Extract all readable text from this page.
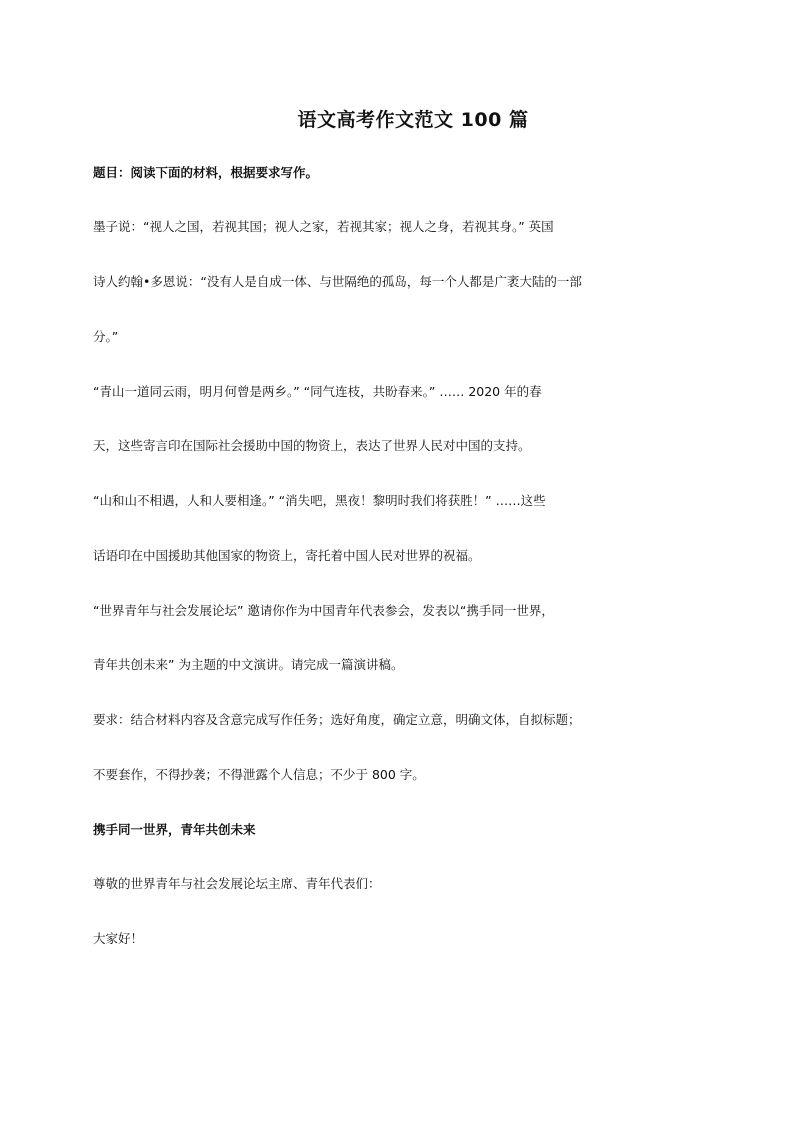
语文高考作文范文 100 篇
题目：阅读下面的材料，根据要求写作。
墨子说：“视人之国，若视其国；视人之家，若视其家；视人之身，若视其身。” 英国
诗人约翰•多恩说：“没有人是自成一体、与世隔绝的孤岛，每一个人都是广袤大陆的一部
分。”
“青山一道同云雨，明月何曾是两乡。” “同气连枝，共盼春来。” …… 2020 年的春
天，这些寄言印在国际社会援助中国的物资上，表达了世界人民对中国的支持。
“山和山不相遇，人和人要相逢。” “消失吧，黑夜！黎明时我们将获胜！” ……这些
话语印在中国援助其他国家的物资上，寄托着中国人民对世界的祝福。
“世界青年与社会发展论坛” 邀请你作为中国青年代表参会，发表以“携手同一世界，
青年共创未来” 为主题的中文演讲。请完成一篇演讲稿。
要求：结合材料内容及含意完成写作任务；选好角度，确定立意，明确文体，自拟标题；
不要套作，不得抄袭；不得泄露个人信息；不少于 800 字。
携手同一世界，青年共创未来
尊敬的世界青年与社会发展论坛主席、青年代表们：
大家好！
